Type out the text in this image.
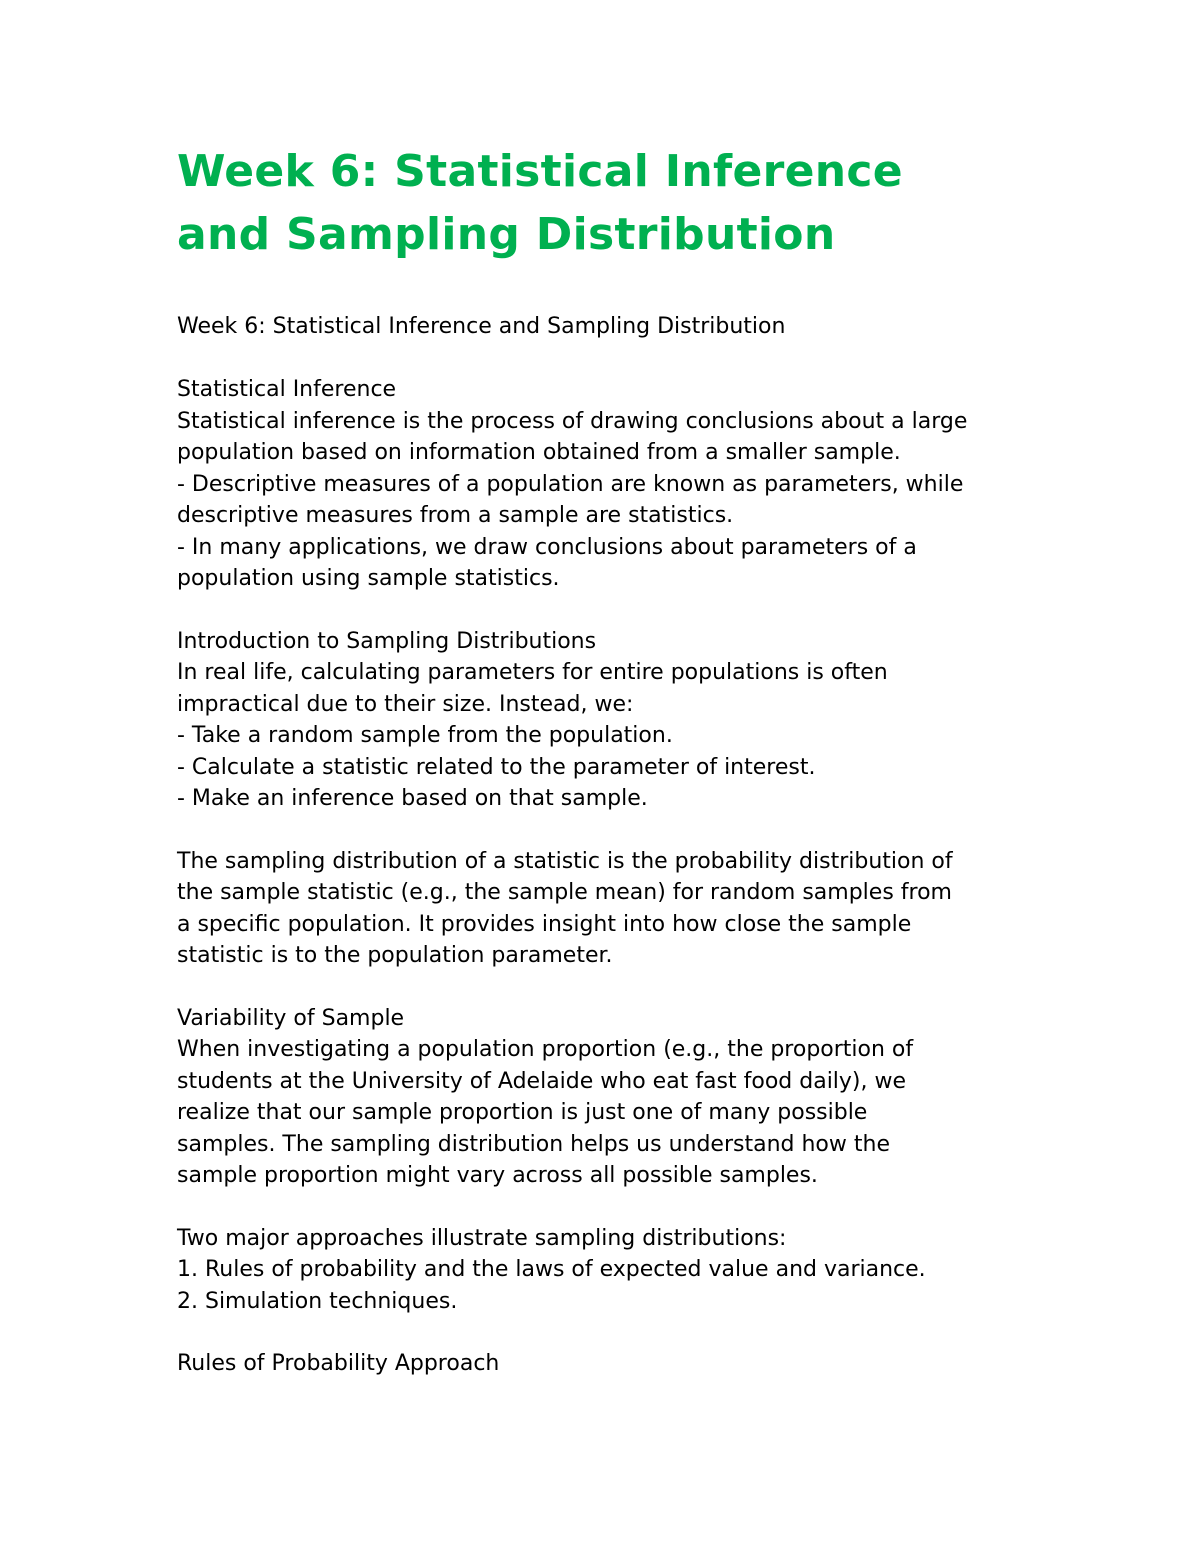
Week 6: Statistical Inference
and Sampling Distribution

Week 6: Statistical Inference and Sampling Distribution

Statistical Inference
Statistical inference is the process of drawing conclusions about a large
population based on information obtained from a smaller sample.
- Descriptive measures of a population are known as parameters, while
descriptive measures from a sample are statistics.
- In many applications, we draw conclusions about parameters of a
population using sample statistics.
Introduction to Sampling Distributions
In real life, calculating parameters for entire populations is often
impractical due to their size. Instead, we:
- Take a random sample from the population.
- Calculate a statistic related to the parameter of interest.
- Make an inference based on that sample.
The sampling distribution of a statistic is the probability distribution of
the sample statistic (e.g., the sample mean) for random samples from
a specific population. It provides insight into how close the sample
statistic is to the population parameter.
Variability of Sample
When investigating a population proportion (e.g., the proportion of
students at the University of Adelaide who eat fast food daily), we
realize that our sample proportion is just one of many possible
samples. The sampling distribution helps us understand how the
sample proportion might vary across all possible samples.
Two major approaches illustrate sampling distributions:
1. Rules of probability and the laws of expected value and variance.
2. Simulation techniques.
Rules of Probability Approach
